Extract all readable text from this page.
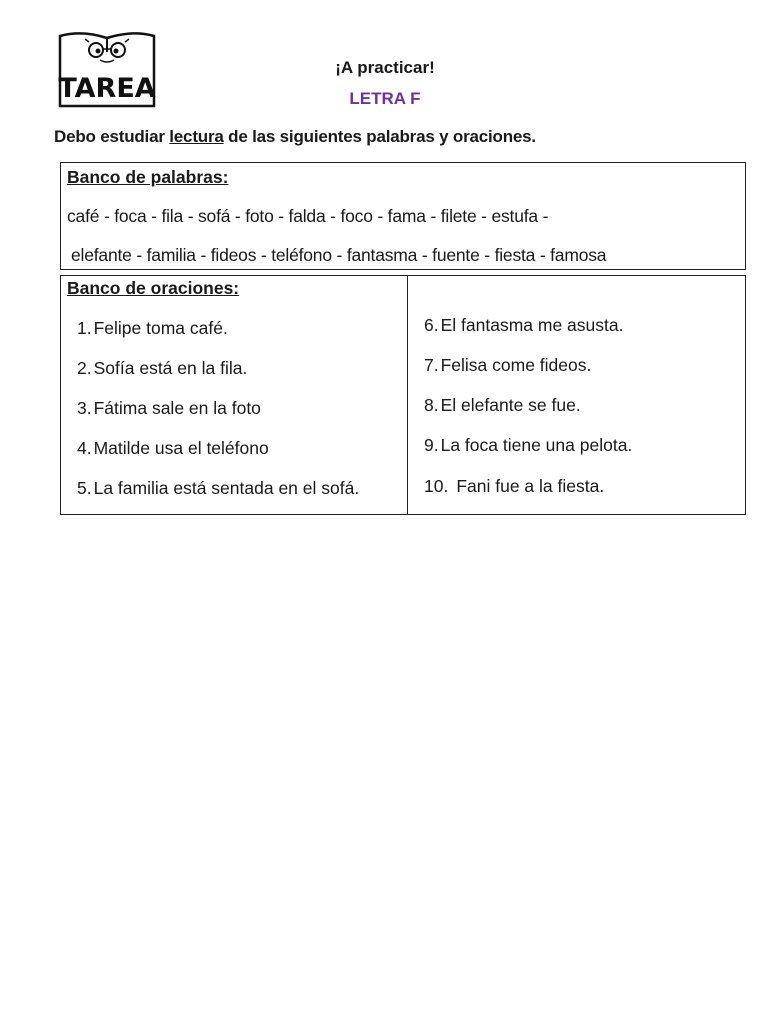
TAREA
¡A practicar!
LETRA F
Debo estudiar lectura de las siguientes palabras y oraciones.
Banco de palabras:
café - foca - fila - sofá - foto - falda - foco - fama - filete - estufa -
elefante - familia - fideos - teléfono - fantasma - fuente - fiesta - famosa
Banco de oraciones:
1. Felipe toma café.
2. Sofía está en la fila.
3. Fátima sale en la foto
4. Matilde usa el teléfono
5. La familia está sentada en el sofá.
6. El fantasma me asusta.
7. Felisa come fideos.
8. El elefante se fue.
9. La foca tiene una pelota.
10. Fani fue a la fiesta.
